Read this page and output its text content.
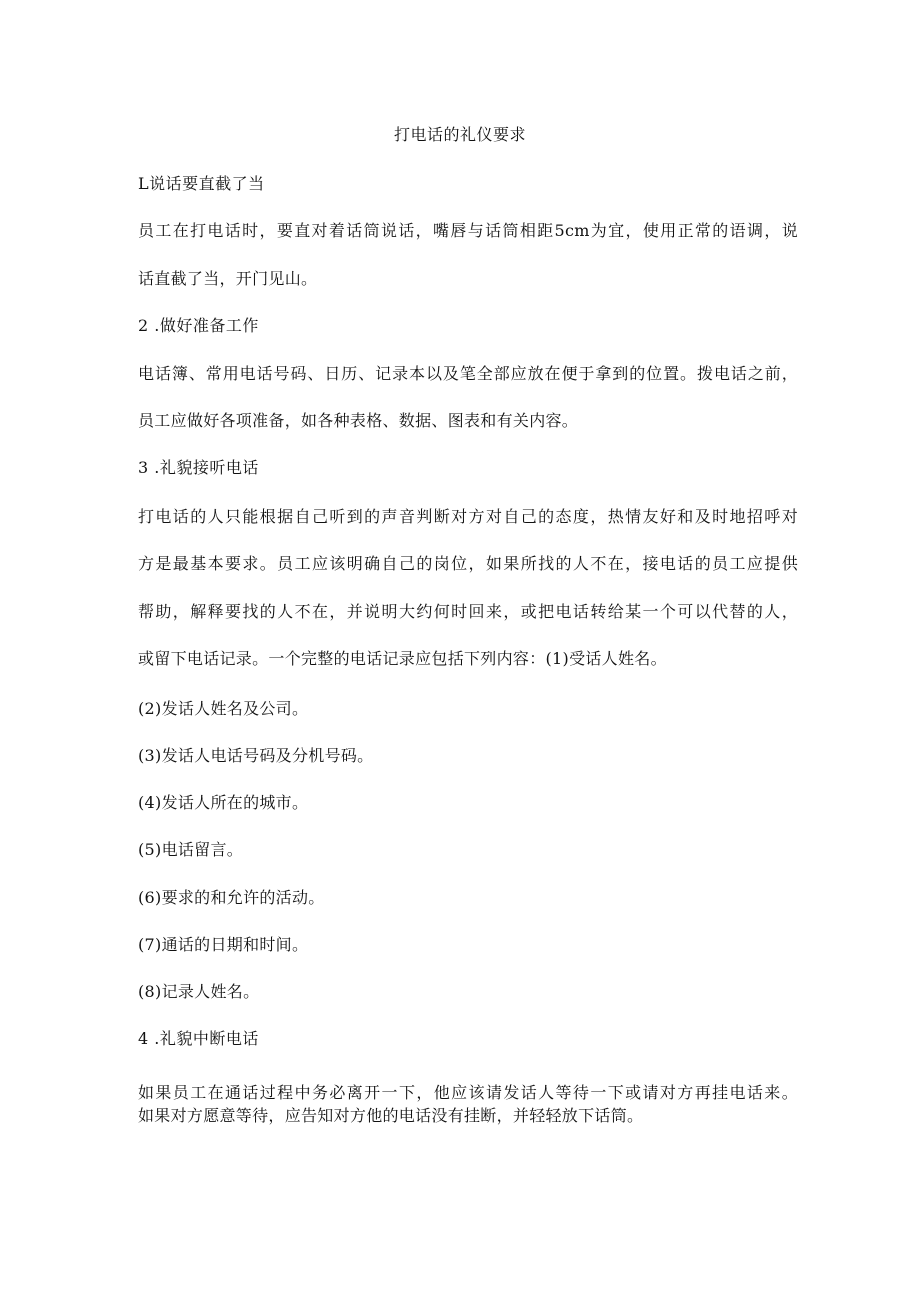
打电话的礼仪要求
L说话要直截了当
员工在打电话时，要直对着话筒说话，嘴唇与话筒相距5cm为宜，使用正常的语调，说
话直截了当，开门见山。
2 .做好准备工作
电话簿、常用电话号码、日历、记录本以及笔全部应放在便于拿到的位置。拨电话之前，
员工应做好各项准备，如各种表格、数据、图表和有关内容。
3 .礼貌接听电话
打电话的人只能根据自己听到的声音判断对方对自己的态度，热情友好和及时地招呼对
方是最基本要求。员工应该明确自己的岗位，如果所找的人不在，接电话的员工应提供
帮助，解释要找的人不在，并说明大约何时回来，或把电话转给某一个可以代替的人，
或留下电话记录。一个完整的电话记录应包括下列内容：(1)受话人姓名。
(2)发话人姓名及公司。
(3)发话人电话号码及分机号码。
(4)发话人所在的城市。
(5)电话留言。
(6)要求的和允许的活动。
(7)通话的日期和时间。
(8)记录人姓名。
4 .礼貌中断电话
如果员工在通话过程中务必离开一下，他应该请发话人等待一下或请对方再挂电话来。
如果对方愿意等待，应告知对方他的电话没有挂断，并轻轻放下话筒。
